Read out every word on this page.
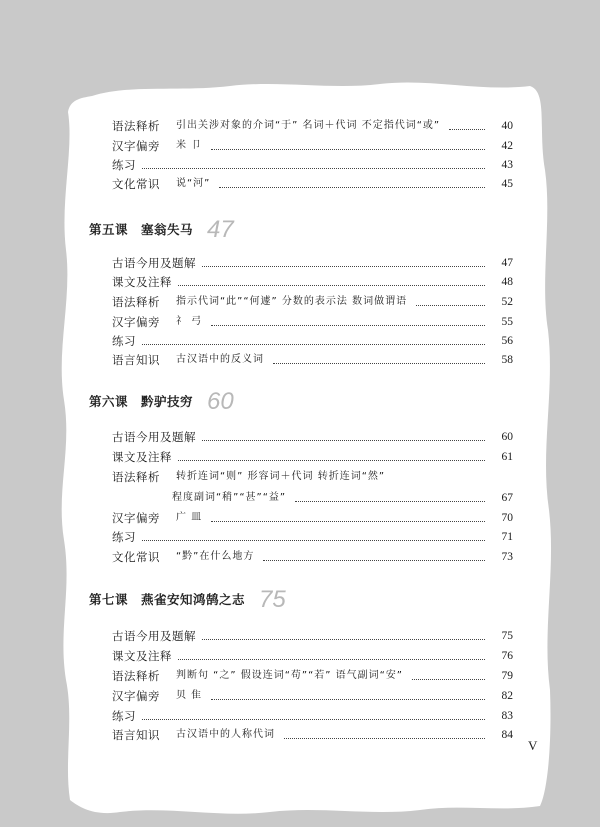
语法释析 引出关涉对象的介词“于” 名词＋代词 不定指代词“或”	40
汉字偏旁 米 卩	42
练习	43
文化常识 说“河”	45
第五课　塞翁失马 47
古语今用及题解	47
课文及注释	48
语法释析 指示代词“此”“何遽” 分数的表示法 数词做谓语	52
汉字偏旁 礻 弓	55
练习	56
语言知识 古汉语中的反义词	58
第六课　黔驴技穷 60
古语今用及题解	60
课文及注释	61
语法释析 转折连词“则” 形容词＋代词 转折连词“然”
程度副词“稍”“甚”“益”	67
汉字偏旁 广 皿	70
练习	71
文化常识 “黔”在什么地方	73
第七课　燕雀安知鸿鹄之志 75
古语今用及题解	75
课文及注释	76
语法释析 判断句 “之” 假设连词“苟”“若” 语气副词“安”	79
汉字偏旁 贝 隹	82
练习	83
语言知识 古汉语中的人称代词	84
V
